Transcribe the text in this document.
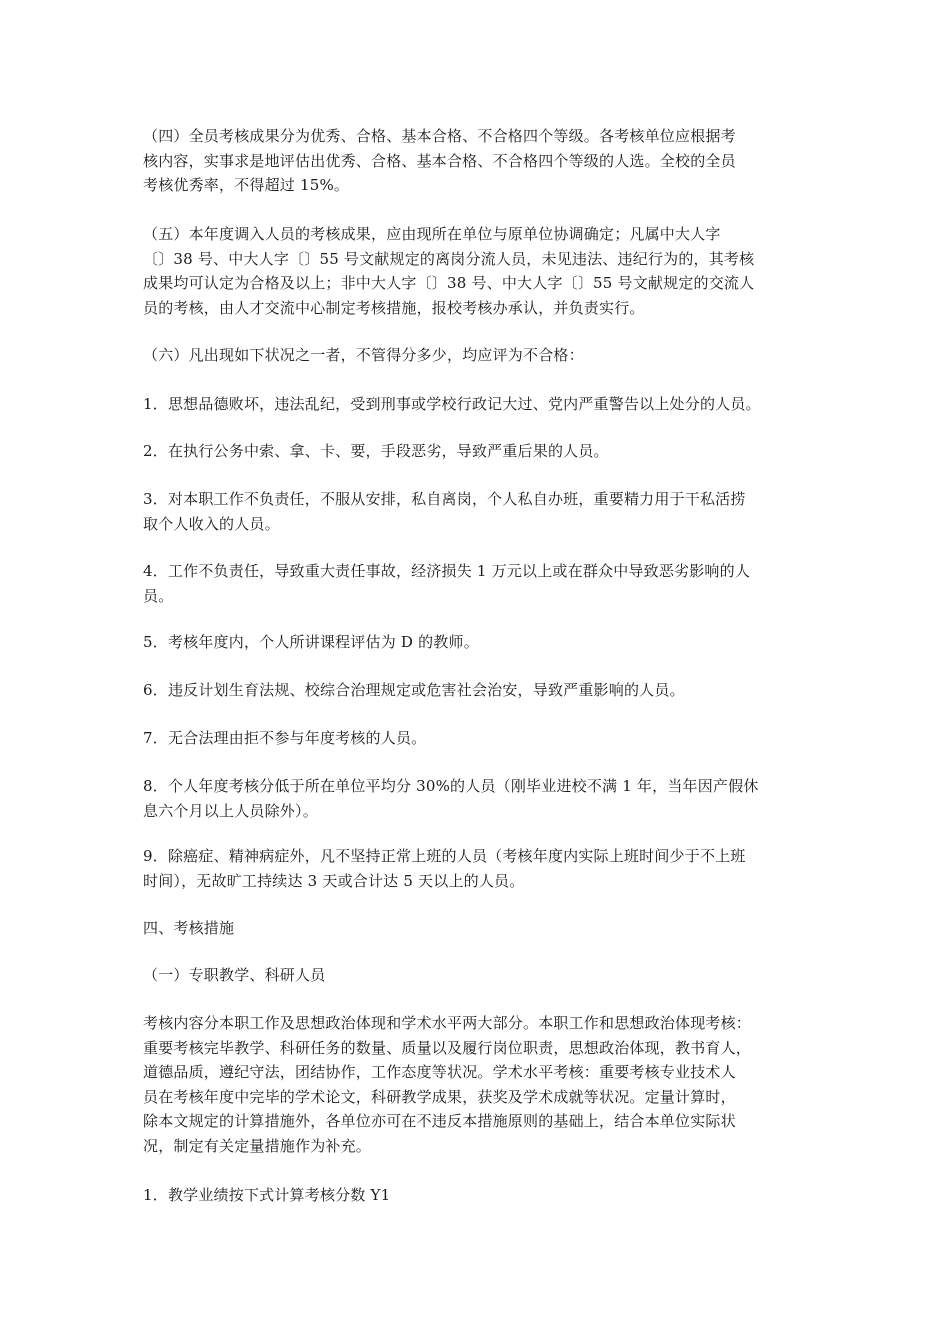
（四）全员考核成果分为优秀、合格、基本合格、不合格四个等级。各考核单位应根据考
核内容，实事求是地评估出优秀、合格、基本合格、不合格四个等级的人选。全校的全员
考核优秀率，不得超过 15%。
（五）本年度调入人员的考核成果，应由现所在单位与原单位协调确定；凡属中大人字
〔〕38 号、中大人字〔〕55 号文献规定的离岗分流人员，未见违法、违纪行为的，其考核
成果均可认定为合格及以上；非中大人字〔〕38 号、中大人字〔〕55 号文献规定的交流人
员的考核，由人才交流中心制定考核措施，报校考核办承认，并负责实行。
（六）凡出现如下状况之一者，不管得分多少，均应评为不合格：
1．思想品德败坏，违法乱纪，受到刑事或学校行政记大过、党内严重警告以上处分的人员。
2．在执行公务中索、拿、卡、要，手段恶劣，导致严重后果的人员。
3．对本职工作不负责任，不服从安排，私自离岗，个人私自办班，重要精力用于干私活捞
取个人收入的人员。
4．工作不负责任，导致重大责任事故，经济损失 1 万元以上或在群众中导致恶劣影响的人
员。
5．考核年度内，个人所讲课程评估为 D 的教师。
6．违反计划生育法规、校综合治理规定或危害社会治安，导致严重影响的人员。
7．无合法理由拒不参与年度考核的人员。
8．个人年度考核分低于所在单位平均分 30%的人员（刚毕业进校不满 1 年，当年因产假休
息六个月以上人员除外）。
9．除癌症、精神病症外，凡不坚持正常上班的人员（考核年度内实际上班时间少于不上班
时间），无故旷工持续达 3 天或合计达 5 天以上的人员。
四、考核措施
（一）专职教学、科研人员
考核内容分本职工作及思想政治体现和学术水平两大部分。本职工作和思想政治体现考核：
重要考核完毕教学、科研任务的数量、质量以及履行岗位职责，思想政治体现，教书育人，
道德品质，遵纪守法，团结协作，工作态度等状况。学术水平考核：重要考核专业技术人
员在考核年度中完毕的学术论文，科研教学成果，获奖及学术成就等状况。定量计算时，
除本文规定的计算措施外，各单位亦可在不违反本措施原则的基础上，结合本单位实际状
况，制定有关定量措施作为补充。
1．教学业绩按下式计算考核分数 Y1
